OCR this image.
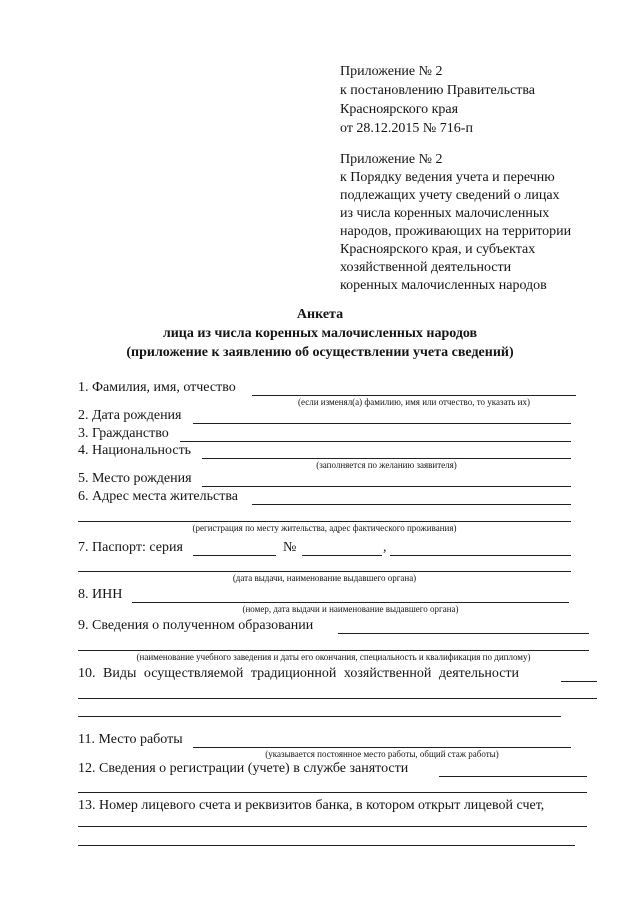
Приложение № 2
к постановлению Правительства
Красноярского края
от 28.12.2015 № 716-п
Приложение № 2
к Порядку ведения учета и перечню
подлежащих учету сведений о лицах
из числа коренных малочисленных
народов, проживающих на территории
Красноярского края, и субъектах
хозяйственной деятельности
коренных малочисленных народов
Анкета
лица из числа коренных малочисленных народов
(приложение к заявлению об осуществлении учета сведений)
1. Фамилия, имя, отчество
(если изменял(а) фамилию, имя или отчество, то указать их)
2. Дата рождения
3. Гражданство
4. Национальность
(заполняется по желанию заявителя)
5. Место рождения
6. Адрес места жительства
(регистрация по месту жительства, адрес фактического проживания)
7. Паспорт: серия	№	,
(дата выдачи, наименование выдавшего органа)
8. ИНН
(номер, дата выдачи и наименование выдавшего органа)
9. Сведения о полученном образовании
(наименование учебного заведения и даты его окончания, специальность и квалификация по диплому)
10. Виды осуществляемой традиционной хозяйственной деятельности
11. Место работы
(указывается постоянное место работы, общий стаж работы)
12. Сведения о регистрации (учете) в службе занятости
13. Номер лицевого счета и реквизитов банка, в котором открыт лицевой счет,
